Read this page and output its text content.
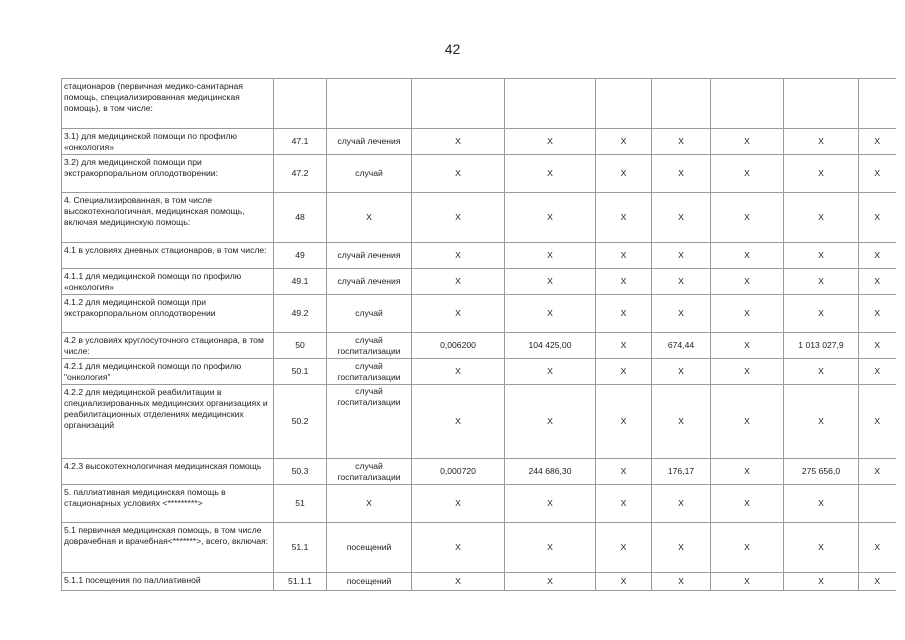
42
стационаров (первичная медико-санитарная помощь, специализированная медицинская помощь), в том числе:									
3.1) для медицинской помощи по профилю «онкология»	47.1	случай лечения	X	X	X	X	X	X	X
3.2) для медицинской помощи при экстракорпоральном оплодотворении:	47.2	случай	X	X	X	X	X	X	X
4. Специализированная, в том числе высокотехнологичная, медицинская помощь, включая медицинскую помощь:	48	X	X	X	X	X	X	X	X
4.1 в условиях дневных стационаров, в том числе:	49	случай лечения	X	X	X	X	X	X	X
4.1.1 для медицинской помощи по профилю «онкология»	49.1	случай лечения	X	X	X	X	X	X	X
4.1.2 для медицинской помощи при экстракорпоральном оплодотворении	49.2	случай	X	X	X	X	X	X	X
4.2 в условиях круглосуточного стационара, в том числе:	50	случай госпитализации	0,006200	104 425,00	X	674,44	X	1 013 027,9	X
4.2.1 для медицинской помощи по профилю "онкология"	50.1	случай госпитализации	X	X	X	X	X	X	X
4.2.2 для медицинской реабилитации в специализированных медицинских организациях и реабилитационных отделениях медицинских организаций	50.2	случай госпитализации	X	X	X	X	X	X	X
4.2.3 высокотехнологичная медицинская помощь	50.3	случай госпитализации	0,000720	244 686,30	X	176,17	X	275 656,0	X
5. паллиативная медицинская помощь в стационарных условиях <*********>	51	X	X	X	X	X	X	X	
5.1 первичная медицинская помощь, в том числе доврачебная и врачебная<*******>, всего, включая:	51.1	посещений	X	X	X	X	X	X	X
5.1.1 посещения по паллиативной	51.1.1	посещений	X	X	X	X	X	X	X
